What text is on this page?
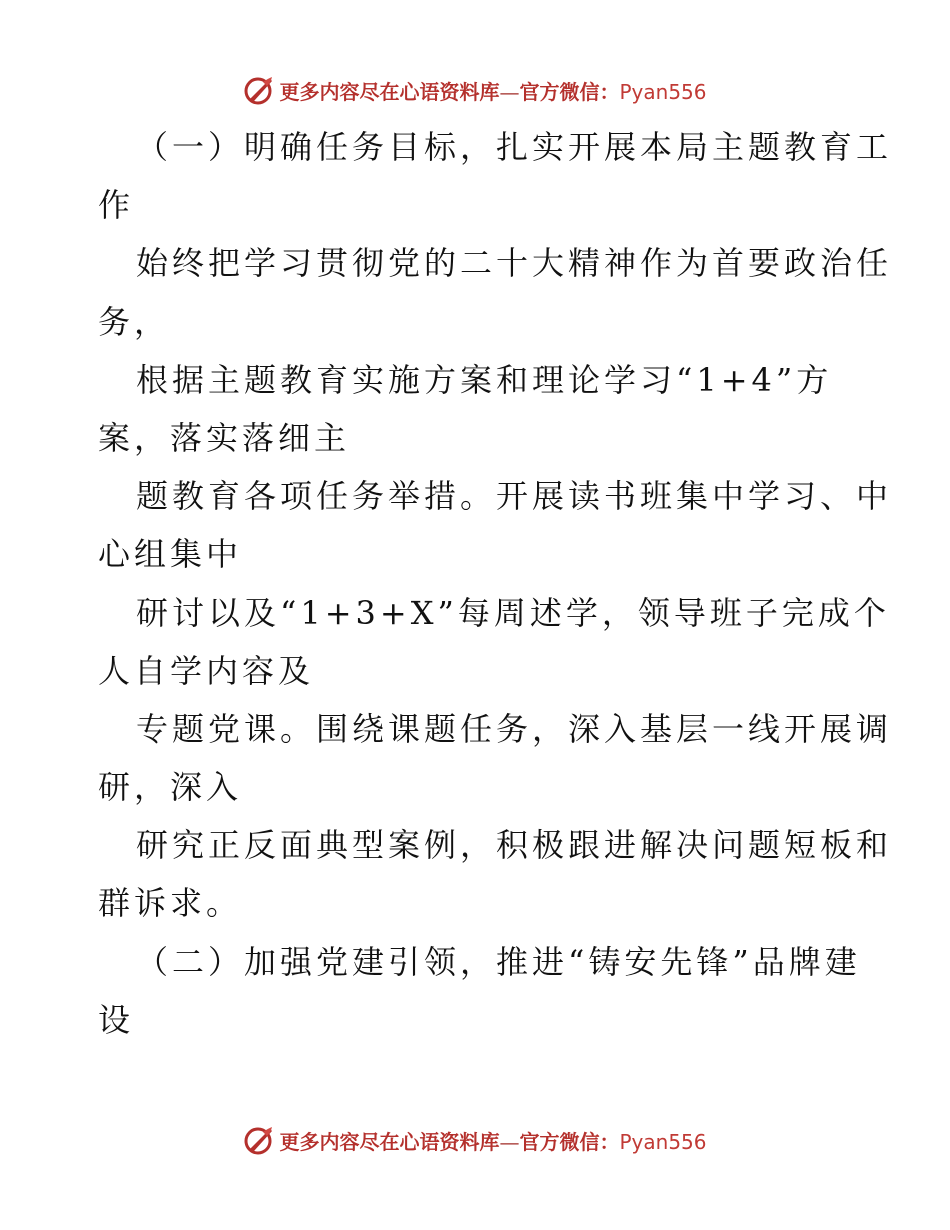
更多内容尽在心语资料库—官方微信：Pyan556
（一）明确任务目标，扎实开展本局主题教育工
作
始终把学习贯彻党的二十大精神作为首要政治任
务，
根据主题教育实施方案和理论学习“1+4”方
案，落实落细主
题教育各项任务举措。开展读书班集中学习、中
心组集中
研讨以及“1+3+X”每周述学，领导班子完成个
人自学内容及
专题党课。围绕课题任务，深入基层一线开展调
研，深入
研究正反面典型案例，积极跟进解决问题短板和
群诉求。
（二）加强党建引领，推进“铸安先锋”品牌建
设
更多内容尽在心语资料库—官方微信：Pyan556
